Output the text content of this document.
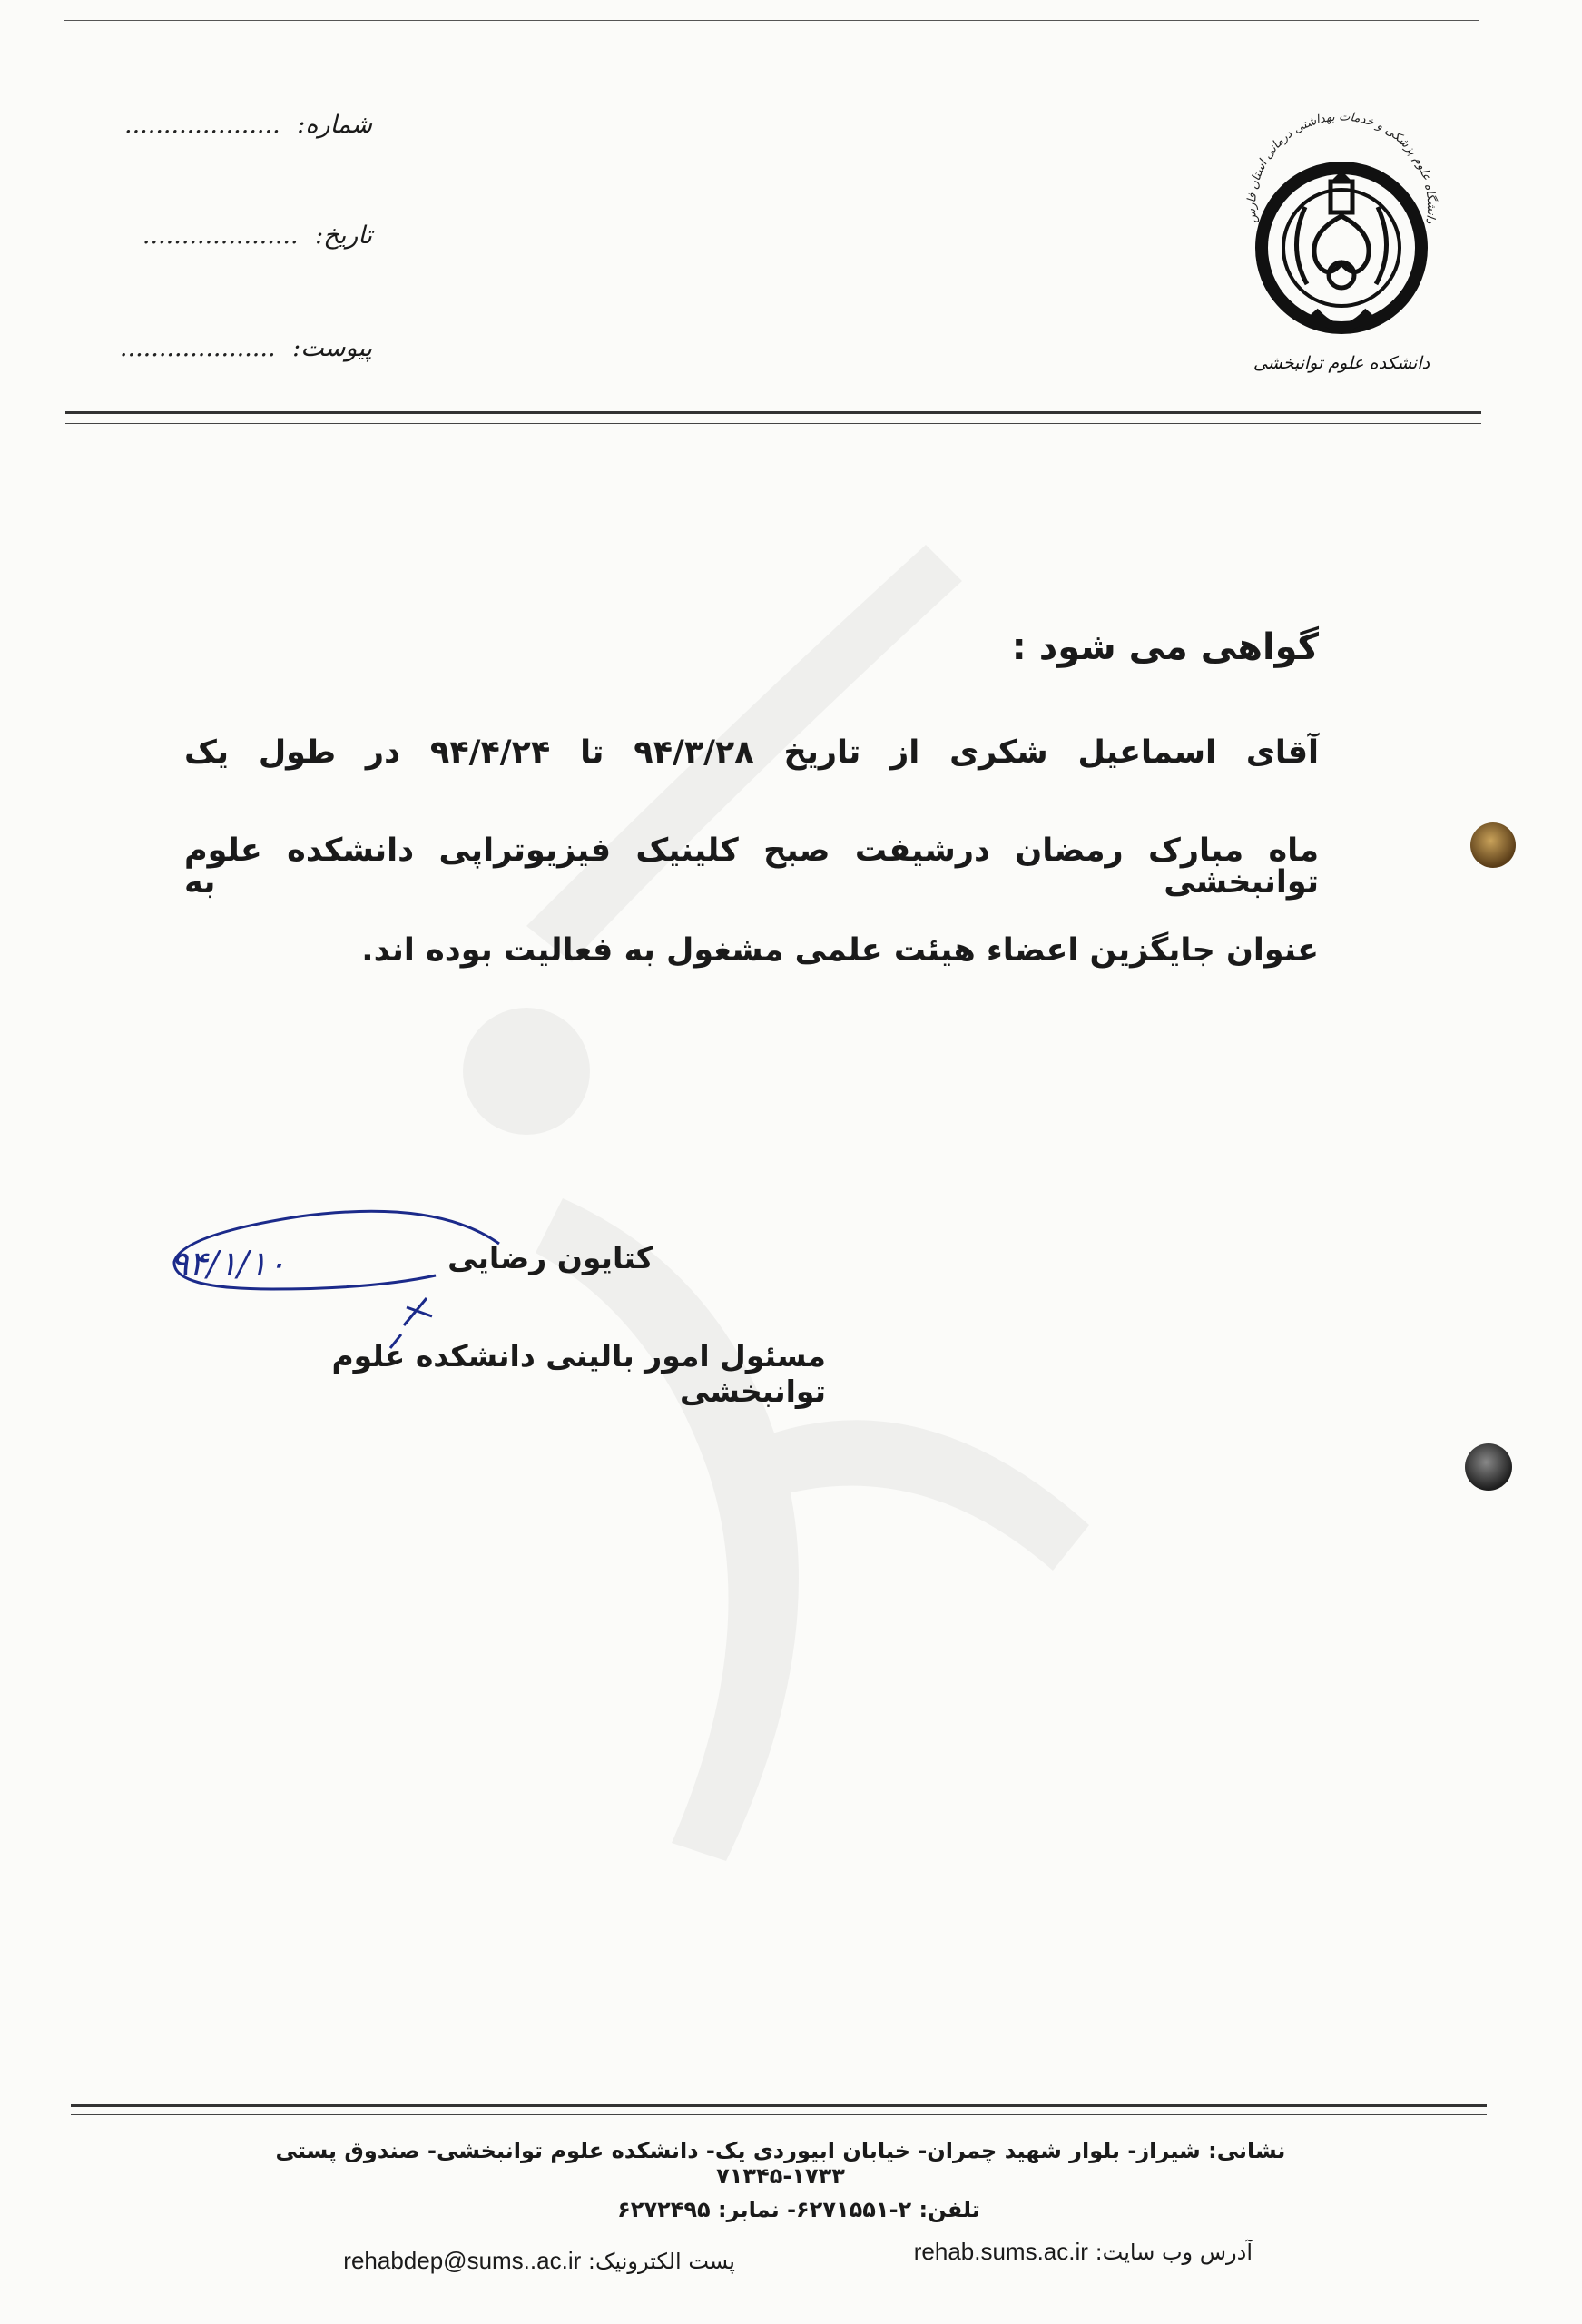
شماره: ....................
تاریخ: ....................
پیوست: ....................
دانشگاه علوم پزشکی و خدمات بهداشتی درمانی استان فارس
دانشکده علوم توانبخشی
گواهی می شود :
آقای اسماعیل شکری از تاریخ ۹۴/۳/۲۸ تا ۹۴/۴/۲۴ در طول یک
ماه مبارک رمضان درشیفت صبح کلینیک فیزیوتراپی دانشکده علوم توانبخشی به
عنوان جایگزین اعضاء هیئت علمی مشغول به فعالیت بوده اند.
۹۴/۱/۱۰	کتایون رضایی
مسئول امور بالینی دانشکده علوم توانبخشی
نشانی: شیراز- بلوار شهید چمران- خیابان ابیوردی یک- دانشکده علوم توانبخشی- صندوق پستی ۱۷۳۳-۷۱۳۴۵
تلفن: ۲-۶۲۷۱۵۵۱- نمابر: ۶۲۷۲۴۹۵
rehab.sums.ac.ir آدرس وب سایت:
rehabdep@sums..ac.ir پست الکترونیک:
